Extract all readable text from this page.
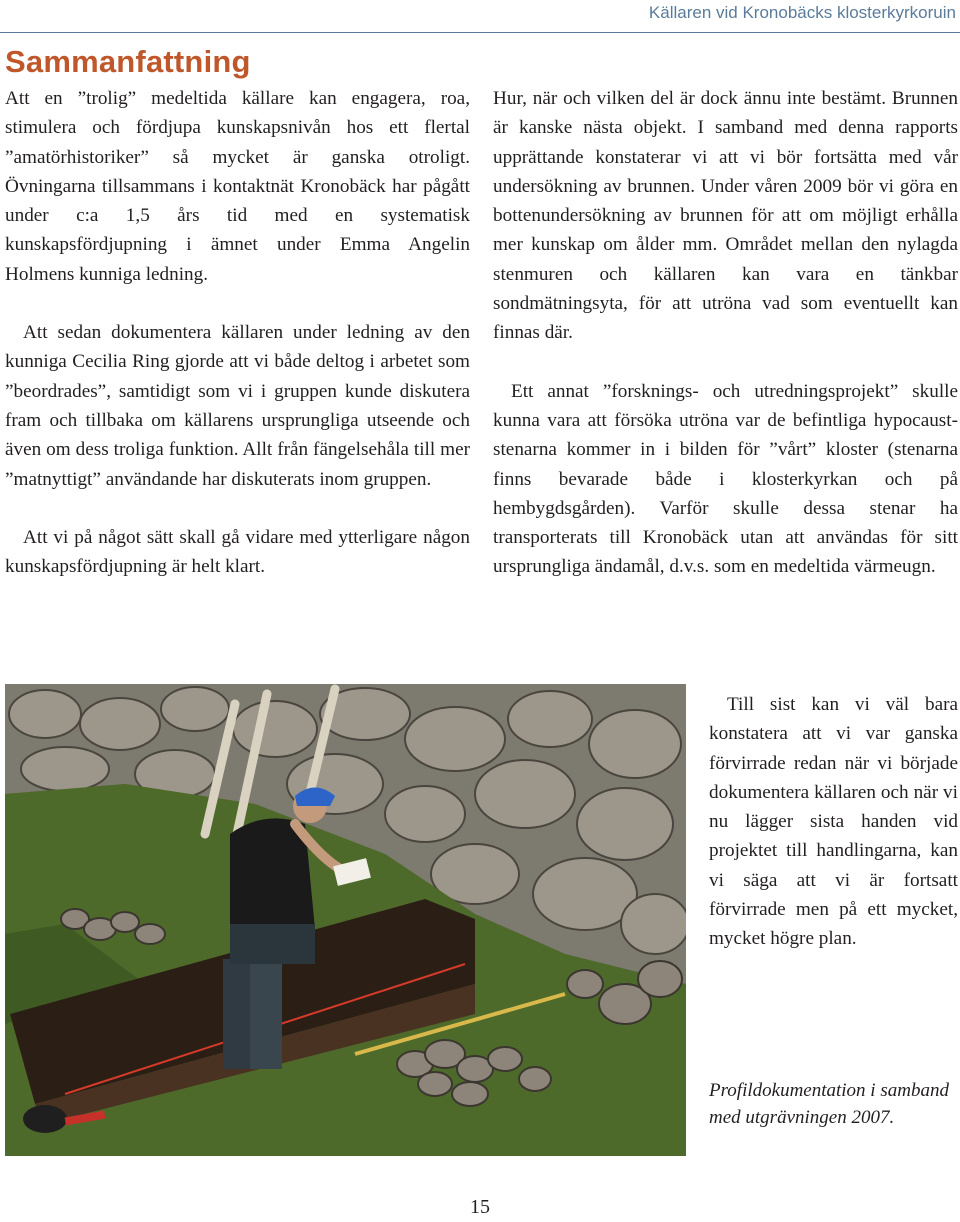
Källaren vid Kronobäcks klosterkyrkoruin
Sammanfattning

Att en ”trolig” medeltida källare kan engagera, roa, stimulera och fördjupa kunskapsnivån hos ett flertal ”amatörhistoriker” så mycket är ganska otroligt. Övningarna tillsammans i kontaktnät Kronobäck har pågått under c:a 1,5 års tid med en systematisk kunskapsfördjupning i ämnet under Emma Angelin Holmens kunniga ledning.

Att sedan dokumentera källaren under ledning av den kunniga Cecilia Ring gjorde att vi både deltog i arbetet som ”beordrades”, samtidigt som vi i gruppen kunde diskutera fram och tillbaka om källarens ursprungliga utseende och även om dess troliga funktion. Allt från fängelsehåla till mer ”matnyttigt” användande har diskuterats inom gruppen.

Att vi på något sätt skall gå vidare med ytterligare någon kunskapsfördjupning är helt klart.

Hur, när och vilken del är dock ännu inte bestämt. Brunnen är kanske nästa objekt. I samband med denna rapports upprättande konstaterar vi att vi bör fortsätta med vår undersökning av brunnen. Under våren 2009 bör vi göra en bottenundersökning av brunnen för att om möjligt erhålla mer kunskap om ålder mm. Området mellan den nylagda stenmuren och källaren kan vara en tänkbar sondmätningsyta, för att utröna vad som eventuellt kan finnas där.

Ett annat ”forsknings- och utredningsprojekt” skulle kunna vara att försöka utröna var de befintliga hypocaust-stenarna kommer in i bilden för ”vårt” kloster (stenarna finns bevarade både i klosterkyrkan och på hembygdsgården). Varför skulle dessa stenar ha transporterats till Kronobäck utan att användas för sitt ursprungliga ändamål, d.v.s. som en medeltida värmeugn.

Till sist kan vi väl bara konstatera att vi var ganska förvirrade redan när vi började dokumentera källaren och när vi nu lägger sista handen vid projektet till handlingarna, kan vi säga att vi är fortsatt förvirrade men på ett mycket, mycket högre plan.

Profildokumentation i samband med utgrävningen 2007.

15
